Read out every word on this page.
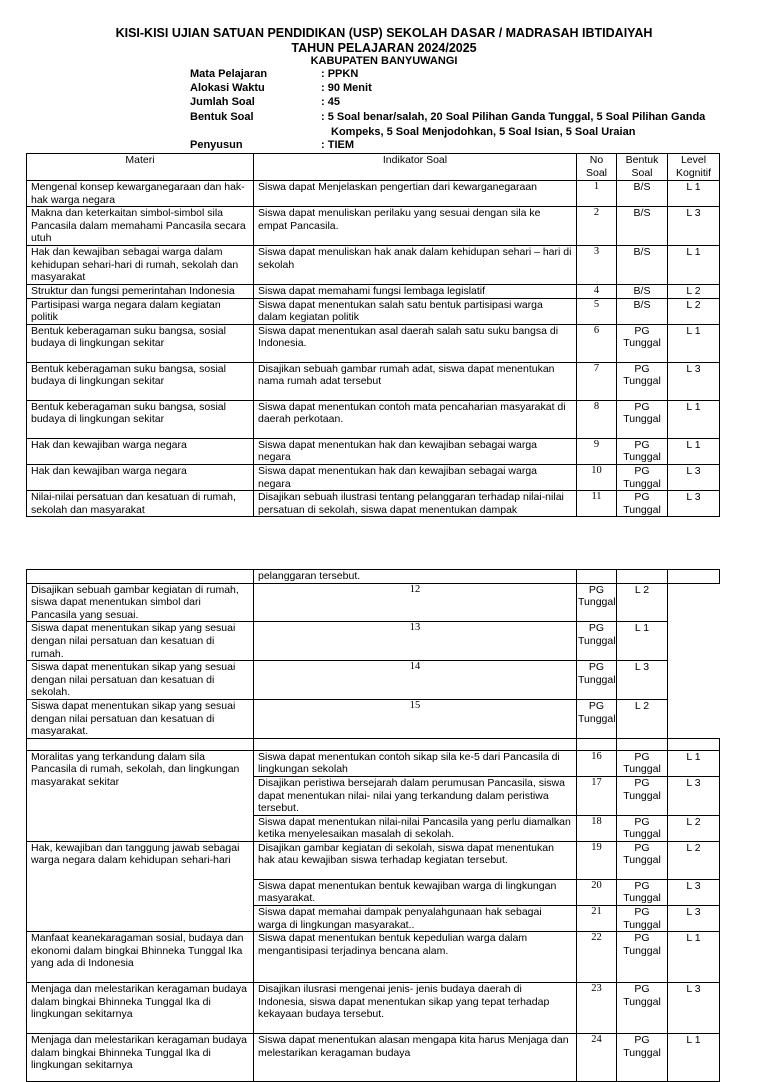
KISI-KISI UJIAN SATUAN PENDIDIKAN (USP) SEKOLAH DASAR / MADRASAH IBTIDAIYAH
TAHUN PELAJARAN 2024/2025
KABUPATEN BANYUWANGI
Mata Pelajaran	: PPKN
Alokasi Waktu	: 90 Menit
Jumlah Soal	: 45
Bentuk Soal	: 5 Soal benar/salah, 20 Soal Pilihan Ganda Tunggal, 5 Soal Pilihan Ganda
Kompeks, 5 Soal Menjodohkan, 5 Soal Isian, 5 Soal Uraian
Penyusun	: TIEM
Materi	Indikator Soal	No Soal	Bentuk Soal	Level Kognitif
Mengenal konsep kewarganegaraan dan hak-hak warga negara	Siswa dapat Menjelaskan pengertian dari kewarganegaraan	1	B/S	L 1
Makna dan keterkaitan simbol-simbol sila Pancasila dalam memahami Pancasila secara utuh	Siswa dapat menuliskan perilaku yang sesuai dengan sila ke empat Pancasila.	2	B/S	L 3
Hak dan kewajiban sebagai warga dalam kehidupan sehari-hari di rumah, sekolah dan masyarakat	Siswa dapat menuliskan hak anak dalam kehidupan sehari – hari di sekolah	3	B/S	L 1
Struktur dan fungsi pemerintahan Indonesia	Siswa dapat memahami fungsi lembaga legislatif	4	B/S	L 2
Partisipasi warga negara dalam kegiatan politik	Siswa dapat menentukan salah satu bentuk partisipasi warga dalam kegiatan politik	5	B/S	L 2
Bentuk keberagaman suku bangsa, sosial budaya di lingkungan sekitar	Siswa dapat menentukan asal daerah salah satu suku bangsa di Indonesia.	6	PG Tunggal	L 1
Bentuk keberagaman suku bangsa, sosial budaya di lingkungan sekitar	Disajikan sebuah gambar rumah adat, siswa dapat menentukan nama rumah adat tersebut	7	PG Tunggal	L 3
Bentuk keberagaman suku bangsa, sosial budaya di lingkungan sekitar	Siswa dapat menentukan contoh mata pencaharian masyarakat di daerah perkotaan.	8	PG Tunggal	L 1
Hak dan kewajiban warga negara	Siswa dapat menentukan hak dan kewajiban sebagai warga negara	9	PG Tunggal	L 1
Hak dan kewajiban warga negara	Siswa dapat menentukan hak dan kewajiban sebagai warga negara	10	PG Tunggal	L 3
Nilai-nilai persatuan dan kesatuan di rumah, sekolah dan masyarakat	Disajikan sebuah ilustrasi tentang pelanggaran terhadap nilai-nilai persatuan di sekolah, siswa dapat menentukan dampak	11	PG Tunggal	L 3
	pelanggaran tersebut.			
Disajikan sebuah gambar kegiatan di rumah, siswa dapat menentukan simbol dari Pancasila yang sesuai.	12	PG Tunggal	L 2	
Siswa dapat menentukan sikap yang sesuai dengan nilai persatuan dan kesatuan di rumah.	13	PG Tunggal	L 1	
Siswa dapat menentukan sikap yang sesuai dengan nilai persatuan dan kesatuan di sekolah.	14	PG Tunggal	L 3	
Siswa dapat menentukan sikap yang sesuai dengan nilai persatuan dan kesatuan di masyarakat.	15	PG Tunggal	L 2	

Moralitas yang terkandung dalam sila Pancasila di rumah, sekolah, dan lingkungan masyarakat sekitar	Siswa dapat menentukan contoh sikap sila ke-5 dari Pancasila di lingkungan sekolah	16	PG Tunggal	L 1
	Disajikan peristiwa bersejarah dalam perumusan Pancasila, siswa dapat menentukan nilai- nilai yang terkandung dalam peristiwa tersebut.	17	PG Tunggal	L 3
	Siswa dapat menentukan nilai-nilai Pancasila yang perlu diamalkan ketika menyelesaikan masalah di sekolah.	18	PG Tunggal	L 2
Hak, kewajiban dan tanggung jawab sebagai warga negara dalam kehidupan sehari-hari	Disajikan gambar kegiatan di sekolah, siswa dapat menentukan hak atau kewajiban siswa terhadap kegiatan tersebut.	19	PG Tunggal	L 2
	Siswa dapat menentukan bentuk kewajiban warga di lingkungan masyarakat.	20	PG Tunggal	L 3
	Siswa dapat memahai dampak penyalahgunaan hak sebagai warga di lingkungan masyarakat..	21	PG Tunggal	L 3
Manfaat keanekaragaman sosial, budaya dan ekonomi dalam bingkai Bhinneka Tunggal Ika yang ada di Indonesia	Siswa dapat menentukan bentuk kepedulian warga dalam mengantisipasi terjadinya bencana alam.	22	PG Tunggal	L 1
Menjaga dan melestarikan keragaman budaya dalam bingkai Bhinneka Tunggal Ika di lingkungan sekitarnya	Disajikan ilusrasi mengenai jenis- jenis budaya daerah di Indonesia, siswa dapat menentukan sikap yang tepat terhadap kekayaan budaya tersebut.	23	PG Tunggal	L 3
Menjaga dan melestarikan keragaman budaya dalam bingkai Bhinneka Tunggal Ika di lingkungan sekitarnya	Siswa dapat menentukan alasan mengapa kita harus Menjaga dan melestarikan keragaman budaya	24	PG Tunggal	L 1
